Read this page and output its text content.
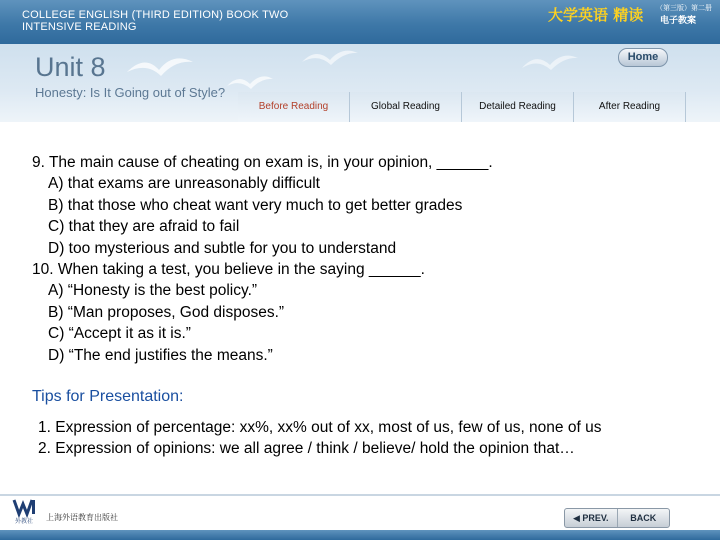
COLLEGE ENGLISH (THIRD EDITION) BOOK TWO
INTENSIVE READING
大学英语 精读 （第三版）第二册
电子教案
Unit 8
Honesty: Is It Going out of Style?
Home
Before Reading	Global Reading	Detailed Reading	After Reading
9. The main cause of cheating on exam is, in your opinion, ______.
A) that exams are unreasonably difficult
B) that those who cheat want very much to get better grades
C) that they are afraid to fail
D) too mysterious and subtle for you to understand
10. When taking a test, you believe in the saying ______.
A) “Honesty is the best policy.”
B) “Man proposes, God disposes.”
C) “Accept it as it is.”
D) “The end justifies the means.”
Tips for Presentation:
1. Expression of percentage: xx%, xx% out of xx, most of us, few of us, none of us
2. Expression of opinions: we all agree / think / believe/ hold the opinion that…
外教社 上海外语教育出版社	◀ PREV.	BACK
